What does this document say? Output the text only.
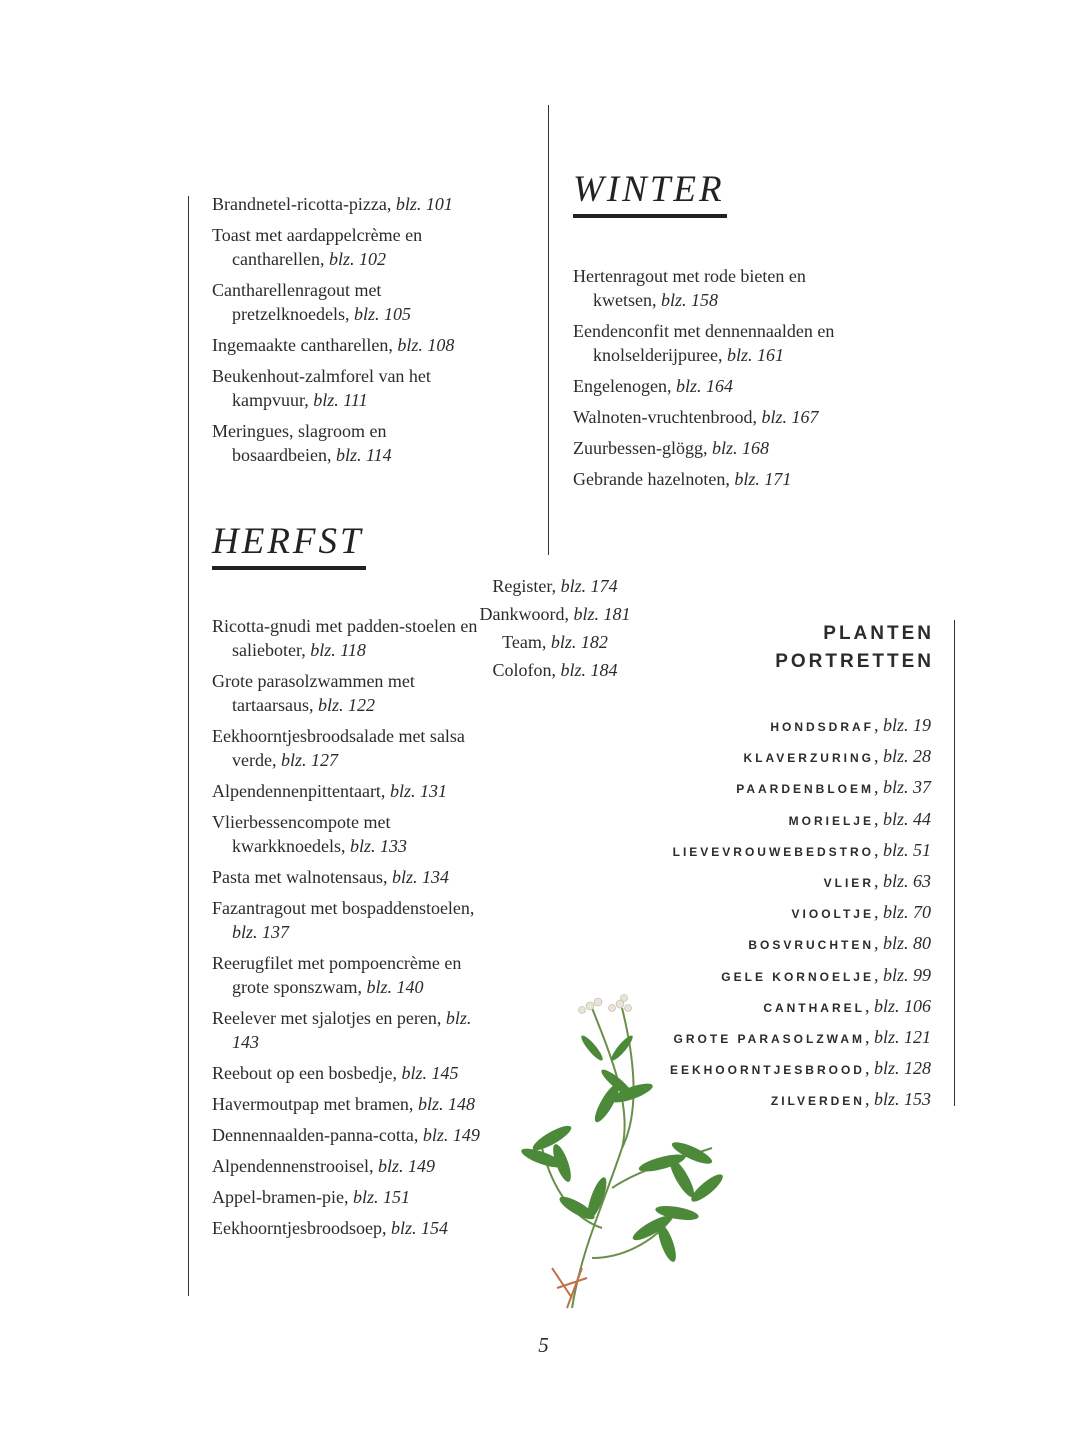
Brandnetel-ricotta-pizza, blz. 101
Toast met aardappelcrème en cantharellen, blz. 102
Cantharellenragout met pretzelknoedels, blz. 105
Ingemaakte cantharellen, blz. 108
Beukenhout-zalmforel van het kampvuur, blz. 111
Meringues, slagroom en bosaardbeien, blz. 114
HERFST
Ricotta-gnudi met padden-stoelen en salieboter, blz. 118
Grote parasolzwammen met tartaarsaus, blz. 122
Eekhoorntjesbroodsalade met salsa verde, blz. 127
Alpendennenpittentaart, blz. 131
Vlierbessencompote met kwarkknoedels, blz. 133
Pasta met walnotensaus, blz. 134
Fazantragout met bospaddenstoelen, blz. 137
Reerugfilet met pompoencrème en grote sponszwam, blz. 140
Reelever met sjalotjes en peren, blz. 143
Reebout op een bosbedje, blz. 145
Havermoutpap met bramen, blz. 148
Dennennaalden-panna-cotta, blz. 149
Alpendennenstrooisel, blz. 149
Appel-bramen-pie, blz. 151
Eekhoorntjesbroodsoep, blz. 154
WINTER
Hertenragout met rode bieten en kwetsen, blz. 158
Eendenconfit met dennennaalden en knolselderijpuree, blz. 161
Engelenogen, blz. 164
Walnoten-vruchtenbrood, blz. 167
Zuurbessen-glögg, blz. 168
Gebrande hazelnoten, blz. 171
Register, blz. 174
Dankwoord, blz. 181
Team, blz. 182
Colofon, blz. 184
PLANTEN
PORTRETTEN
HONDSDRAF, blz. 19
KLAVERZURING, blz. 28
PAARDENBLOEM, blz. 37
MORIELJE, blz. 44
LIEVEVROUWEBEDSTRO, blz. 51
VLIER, blz. 63
VIOOLTJE, blz. 70
BOSVRUCHTEN, blz. 80
GELE KORNOELJE, blz. 99
CANTHAREL, blz. 106
GROTE PARASOLZWAM, blz. 121
EEKHOORNTJESBROOD, blz. 128
ZILVERDEN, blz. 153
5
